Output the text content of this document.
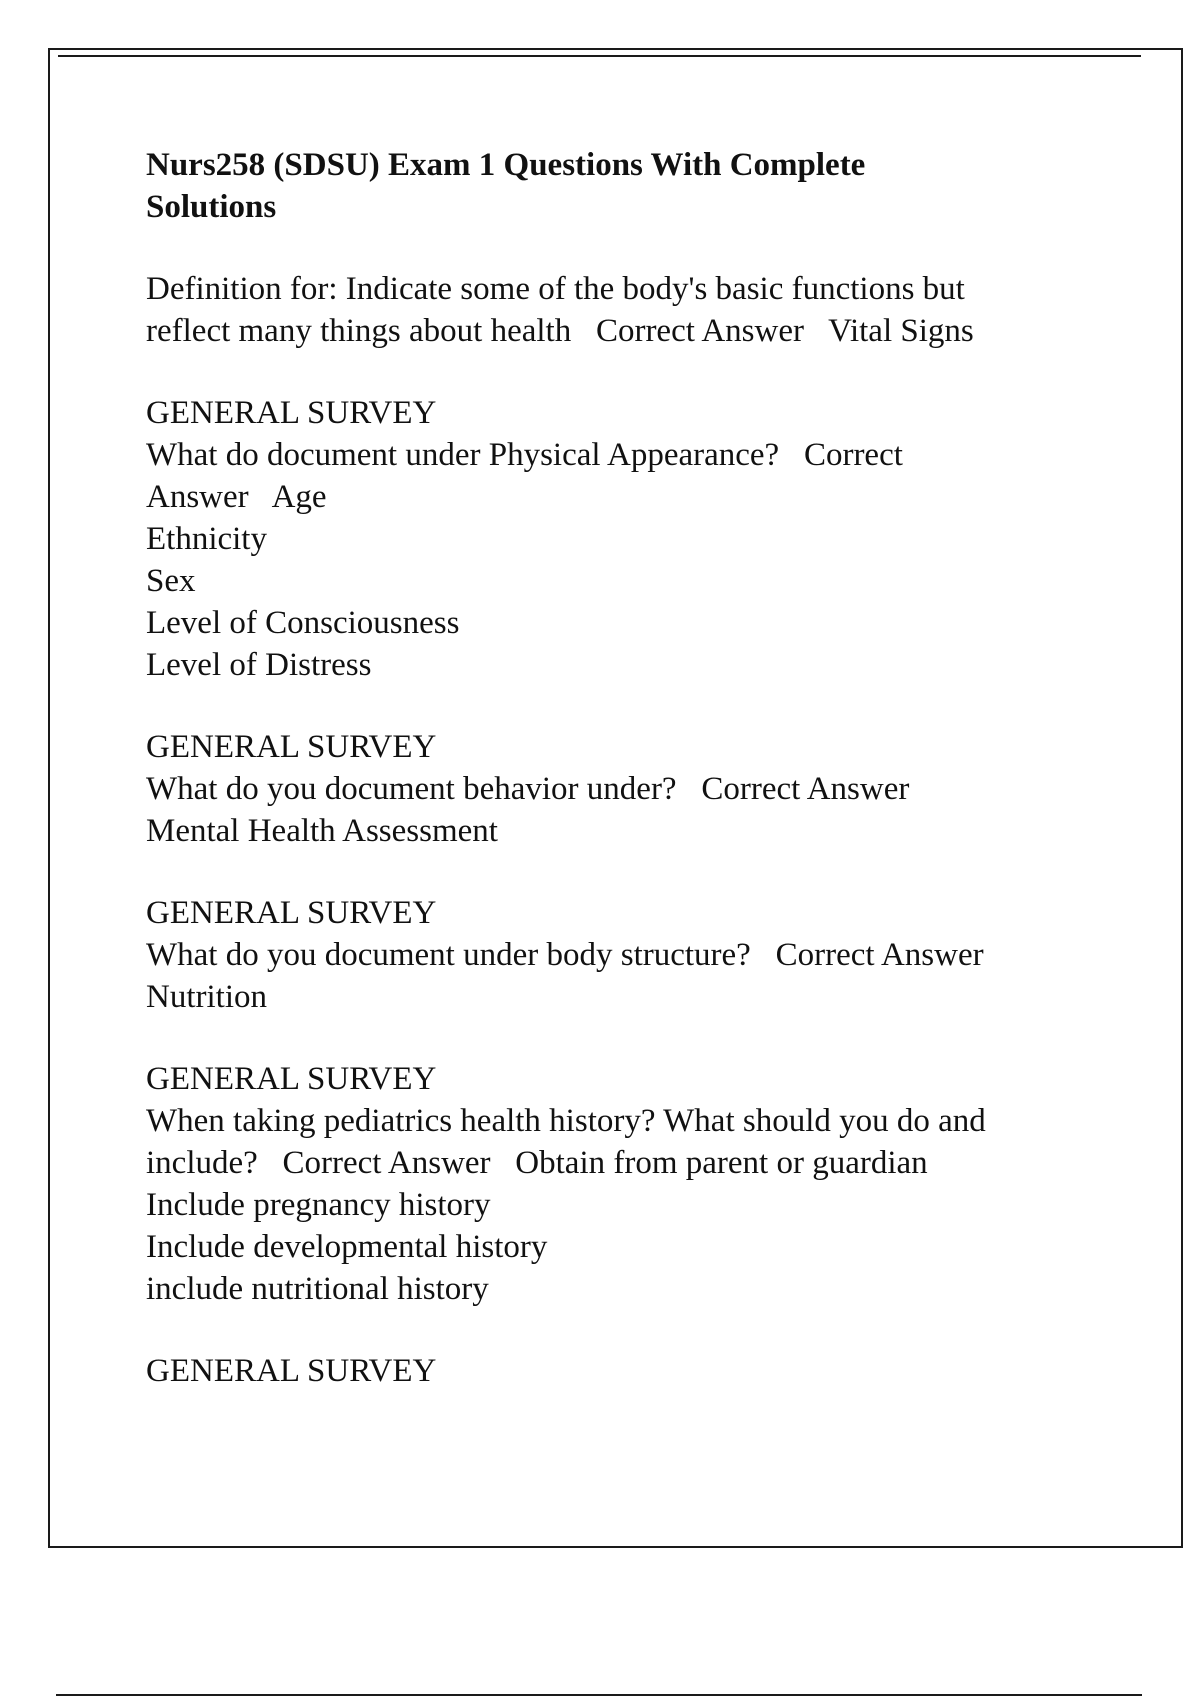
Nurs258 (SDSU) Exam 1 Questions With Complete
Solutions

Definition for: Indicate some of the body's basic functions but

reflect many things about health   Correct Answer   Vital Signs

GENERAL SURVEY

What do document under Physical Appearance?   Correct

Answer   Age

Ethnicity

Sex

Level of Consciousness

Level of Distress

GENERAL SURVEY

What do you document behavior under?   Correct Answer

Mental Health Assessment

GENERAL SURVEY

What do you document under body structure?   Correct Answer

Nutrition

GENERAL SURVEY

When taking pediatrics health history? What should you do and

include?   Correct Answer   Obtain from parent or guardian

Include pregnancy history

Include developmental history

include nutritional history

GENERAL SURVEY
